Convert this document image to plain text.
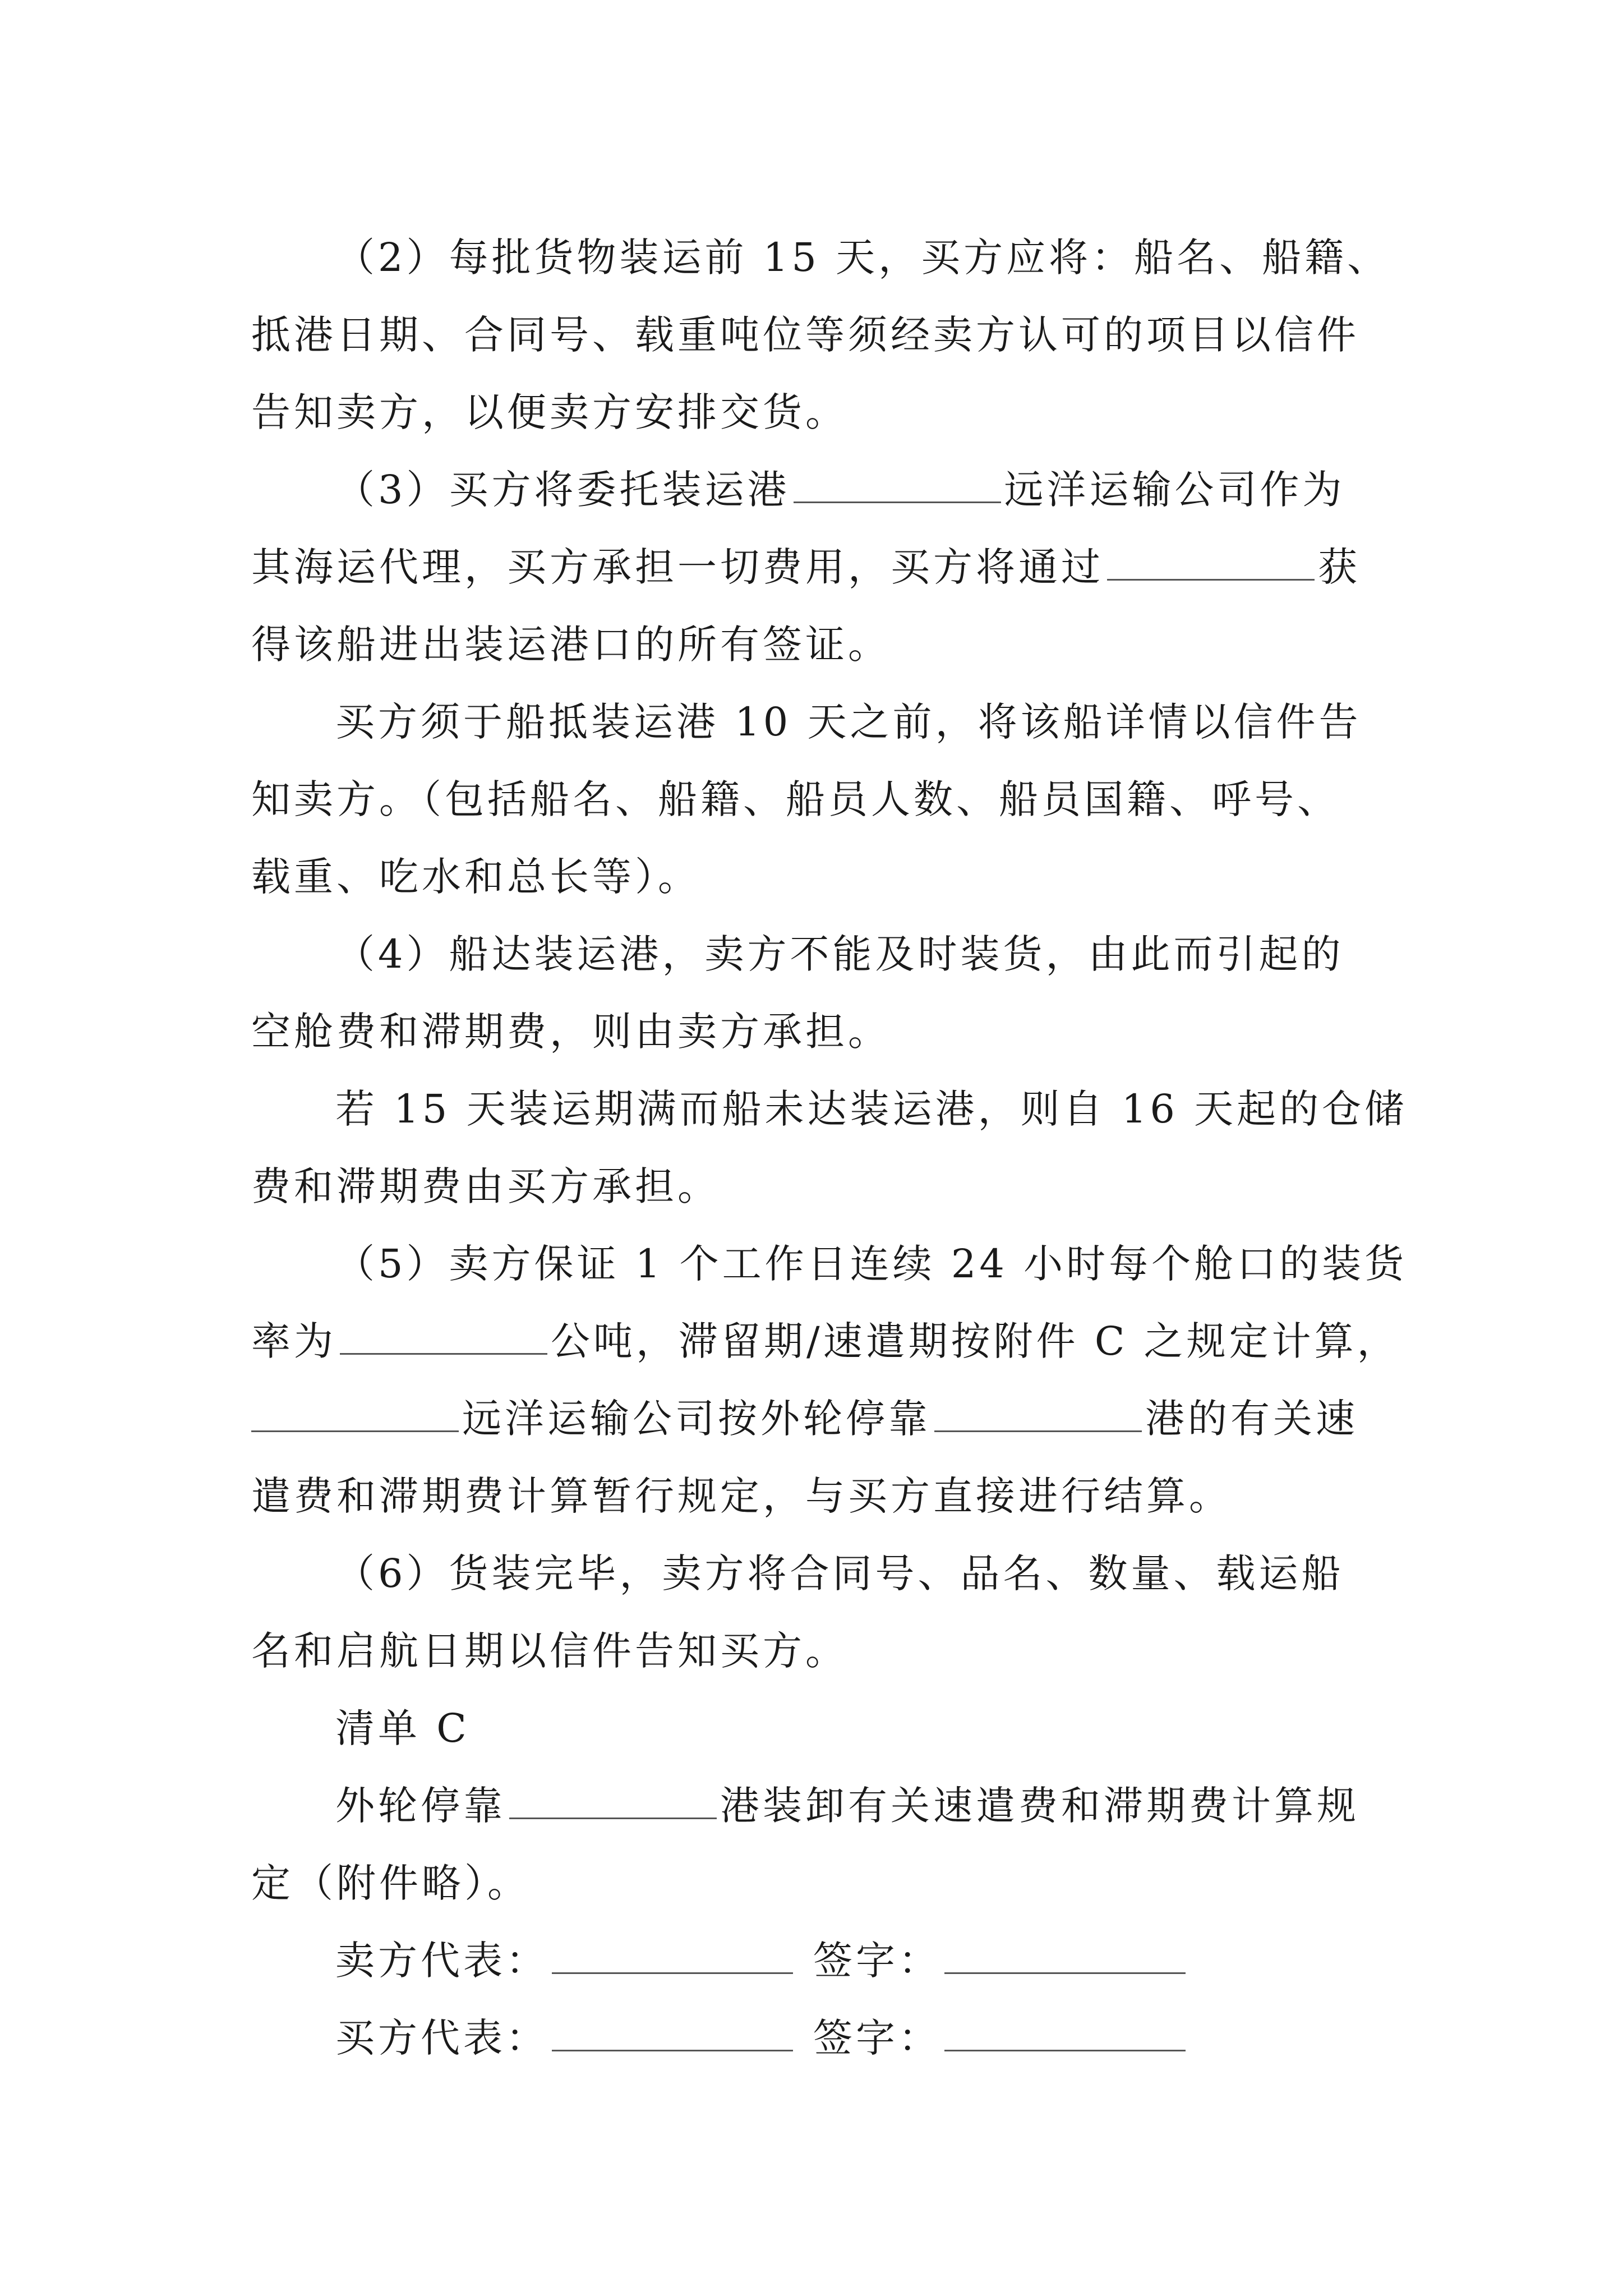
（2）每批货物装运前 15 天，买方应将：船名、船籍、
抵港日期、合同号、载重吨位等须经卖方认可的项目以信件
告知卖方，以便卖方安排交货。

（3）买方将委托装运港	远洋运输公司作为
其海运代理，买方承担一切费用，买方将通过	获
得该船进出装运港口的所有签证。

买方须于船抵装运港 10 天之前，将该船详情以信件告
知卖方。（包括船名、船籍、船员人数、船员国籍、呼号、
载重、吃水和总长等）。

（4）船达装运港，卖方不能及时装货，由此而引起的
空舱费和滞期费，则由卖方承担。

若 15 天装运期满而船未达装运港，则自 16 天起的仓储
费和滞期费由买方承担。

（5）卖方保证 1 个工作日连续 24 小时每个舱口的装货
率为	公吨，滞留期/速遣期按附件 C 之规定计算，
远洋运输公司按外轮停靠	港的有关速
遣费和滞期费计算暂行规定，与买方直接进行结算。

（6）货装完毕，卖方将合同号、品名、数量、载运船
名和启航日期以信件告知买方。

清单 C
外轮停靠	港装卸有关速遣费和滞期费计算规
定（附件略）。

卖方代表：	签字：
买方代表：	签字：
